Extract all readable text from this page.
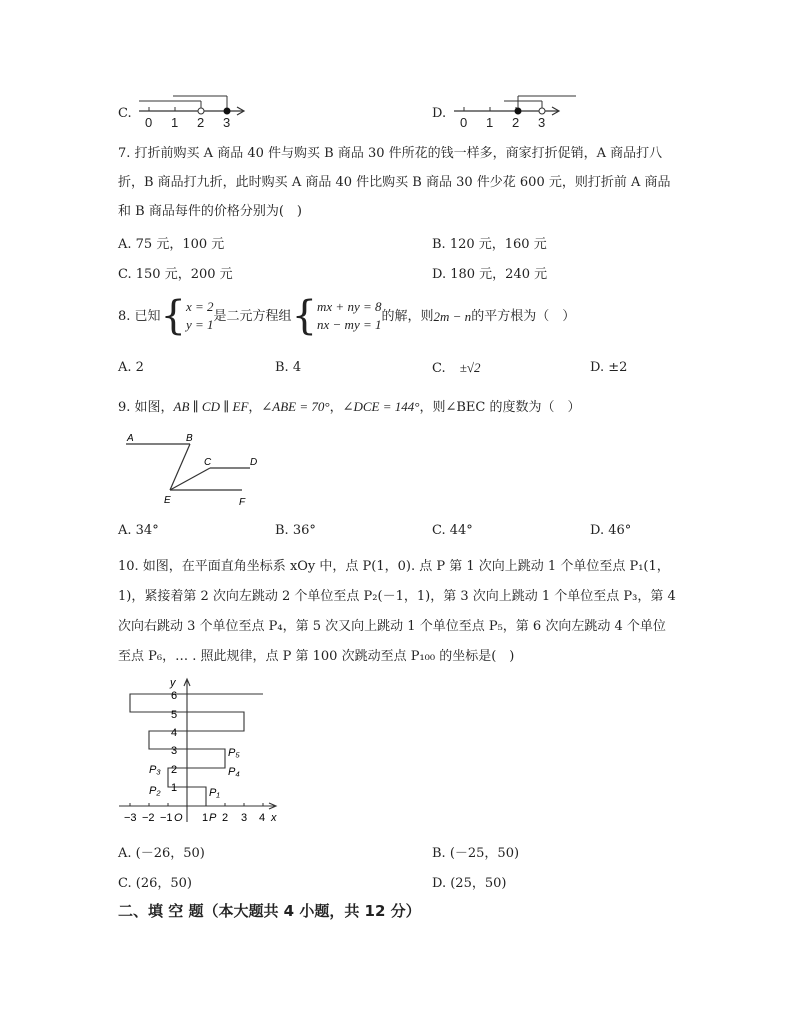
C.
0 1 2 3
D.
0 1 2 3
7. 打折前购买 A 商品 40 件与购买 B 商品 30 件所花的钱一样多，商家打折促销，A 商品打八
折，B 商品打九折，此时购买 A 商品 40 件比购买 B 商品 30 件少花 600 元，则打折前 A 商品
和 B 商品每件的价格分别为(　)
A. 75 元，100 元	B. 120 元，160 元
C. 150 元，200 元	D. 180 元，240 元
8. 已知 { x = 2
y = 1
是二元方程组 { mx + ny = 8
nx − my = 1
的解，则 2m − n 的平方根为（　）
A. 2	B. 4	C. ±√2	D. ±2
9. 如图，AB ∥ CD ∥ EF，∠ABE = 70°，∠DCE = 144°，则∠BEC 的度数为（　）
A	B
C	D
E	F
A. 34°	B. 36°	C. 44°	D. 46°
10. 如图，在平面直角坐标系 xOy 中，点 P(1，0). 点 P 第 1 次向上跳动 1 个单位至点 P₁(1，
1)，紧接着第 2 次向左跳动 2 个单位至点 P₂(－1，1)，第 3 次向上跳动 1 个单位至点 P₃，第 4
次向右跳动 3 个单位至点 P₄，第 5 次又向上跳动 1 个单位至点 P₅，第 6 次向左跳动 4 个单位
至点 P₆，… . 照此规律，点 P 第 100 次跳动至点 P₁₀₀ 的坐标是(　)
−3 −2 −1 O 1 P 2 3 4 x
y
1
2
3
4
5
6
P₁
P₂
P₃	P₄
P₅
A. (－26，50)	B. (－25，50)
C. (26，50)	D. (25，50)
二、填 空 题（本大题共 4 小题，共 12 分）
